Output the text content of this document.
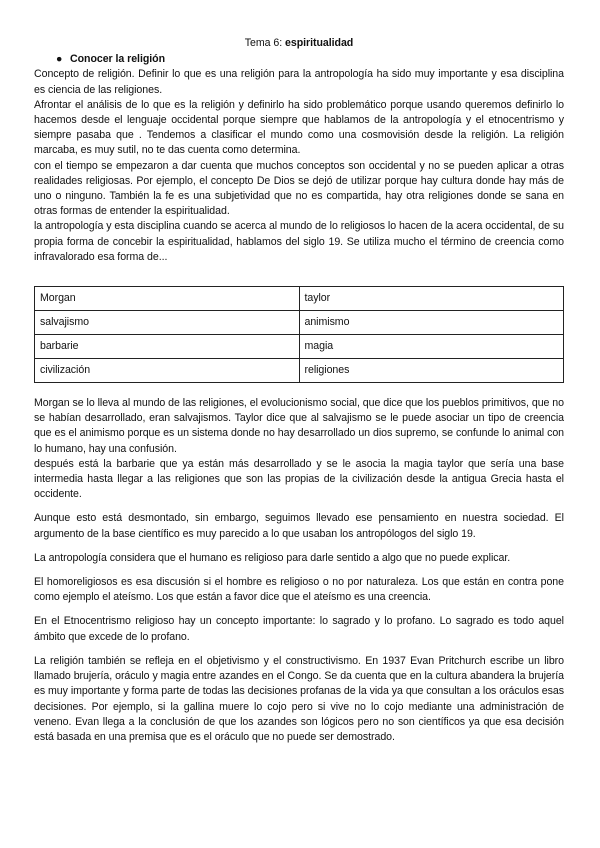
Tema 6: espiritualidad
● Conocer la religión

Concepto de religión. Definir lo que es una religión para la antropología ha sido muy importante y esa disciplina es ciencia de las religiones.

Afrontar el análisis de lo que es la religión y definirlo ha sido problemático porque usando queremos definirlo lo hacemos desde el lenguaje occidental porque siempre que hablamos de la antropología y el etnocentrismo y siempre pasaba que . Tendemos a clasificar el mundo como una cosmovisión desde la religión. La religión marcaba, es muy sutil, no te das cuenta como determina.

con el tiempo se empezaron a dar cuenta que muchos conceptos son occidental y no se pueden aplicar a otras realidades religiosas. Por ejemplo, el concepto De Dios se dejó de utilizar porque hay cultura donde hay más de uno o ninguno. También la fe es una subjetividad que no es compartida, hay otra religiones donde se sana en otras formas de entender la espiritualidad.

la antropología y esta disciplina cuando se acerca al mundo de lo religiosos lo hacen de la acera occidental, de su propia forma de concebir la espiritualidad, hablamos del siglo 19. Se utiliza mucho el término de creencia como infravalorado esa forma de...

Morgan	taylor
salvajismo	animismo
barbarie	magia
civilización	religiones

Morgan se lo lleva al mundo de las religiones, el evolucionismo social, que dice que los pueblos primitivos, que no se habían desarrollado, eran salvajismos. Taylor dice que al salvajismo se le puede asociar un tipo de creencia que es el animismo porque es un sistema donde no hay desarrollado un dios supremo, se confunde lo animal con lo humano, hay una confusión.

después está la barbarie que ya están más desarrollado y se le asocia la magia taylor que sería una base intermedia hasta llegar a las religiones que son las propias de la civilización desde la antigua Grecia hasta el occidente.

Aunque esto está desmontado, sin embargo, seguimos llevado ese pensamiento en nuestra sociedad. El argumento de la base científico es muy parecido a lo que usaban los antropólogos del siglo 19.

La antropología considera que el humano es religioso para darle sentido a algo que no puede explicar.

El homoreligiosos es esa discusión si el hombre es religioso o no por naturaleza. Los que están en contra pone como ejemplo el ateísmo. Los que están a favor dice que el ateísmo es una creencia.

En el Etnocentrismo religioso hay un concepto importante: lo sagrado y lo profano. Lo sagrado es todo aquel ámbito que excede de lo profano.

La religión también se refleja en el objetivismo y el constructivismo. En 1937 Evan Pritchurch escribe un libro llamado brujería, oráculo y magia entre azandes en el Congo. Se da cuenta que en la cultura abandera la brujería es muy importante y forma parte de todas las decisiones profanas de la vida ya que consultan a los oráculos esas decisiones. Por ejemplo, si la gallina muere lo cojo pero si vive no lo cojo mediante una administración de veneno. Evan llega a la conclusión de que los azandes son lógicos pero no son científicos ya que esa decisión está basada en una premisa que es el oráculo que no puede ser demostrado.
